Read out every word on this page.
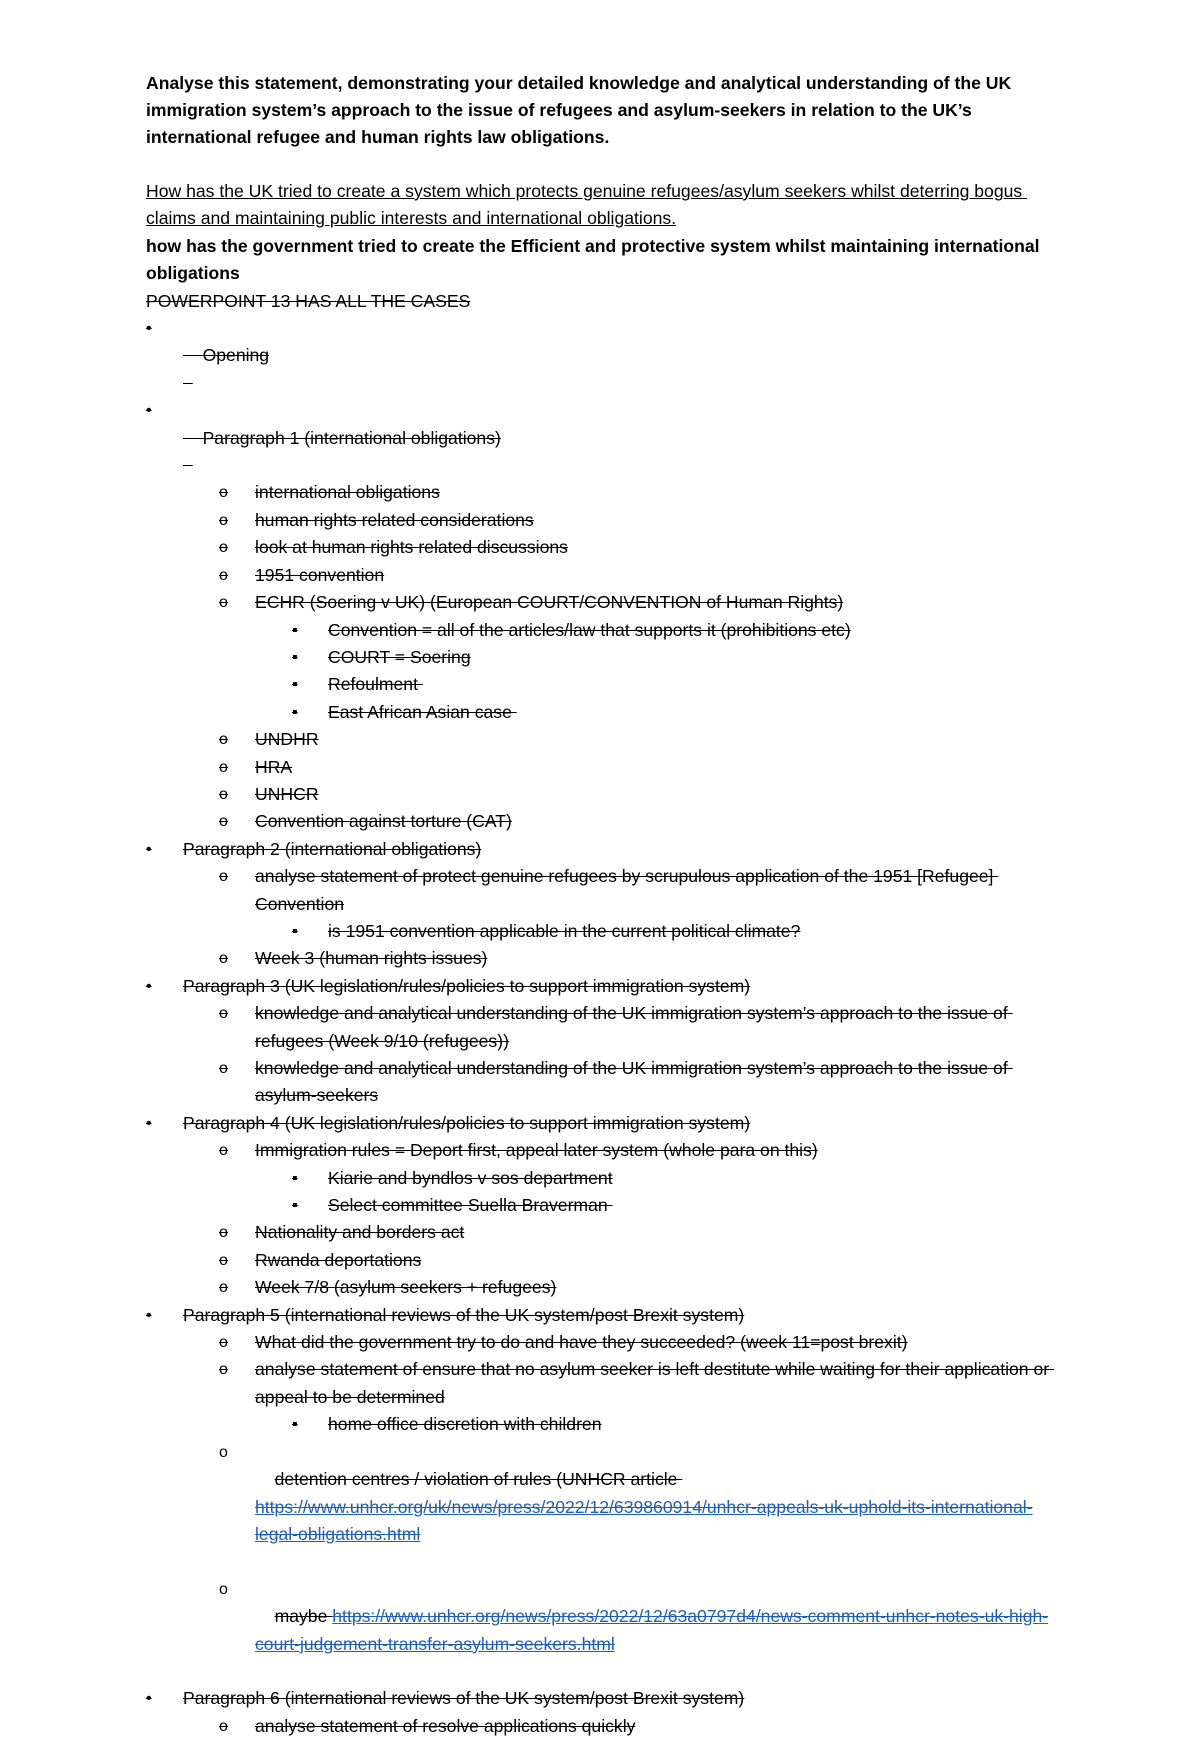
Analyse this statement, demonstrating your detailed knowledge and analytical understanding of the UK immigration system’s approach to the issue of refugees and asylum-seekers in relation to the UK’s international refugee and human rights law obligations.
How has the UK tried to create a system which protects genuine refugees/asylum seekers whilst deterring bogus claims and maintaining public interests and international obligations.
how has the government tried to create the Efficient and protective system whilst maintaining international obligations
POWERPOINT 13 HAS ALL THE CASES

•
Opening

•
Paragraph 1 (international obligations)

o	international obligations
o	human rights related considerations
o	look at human rights related discussions
o	1951 convention
o	ECHR (Soering v UK) (European COURT/CONVENTION of Human Rights)
▪	Convention = all of the articles/law that supports it (prohibitions etc)
▪	COURT = Soering
▪	Refoulment
▪	East African Asian case
o	UNDHR
o	HRA
o	UNHCR
o	Convention against torture (CAT)
•	Paragraph 2 (international obligations)
o	analyse statement of protect genuine refugees by scrupulous application of the 1951 [Refugee] Convention
▪	is 1951 convention applicable in the current political climate?
o	Week 3 (human rights issues)
•	Paragraph 3 (UK legislation/rules/policies to support immigration system)
o	knowledge and analytical understanding of the UK immigration system’s approach to the issue of refugees (Week 9/10 (refugees))
o	knowledge and analytical understanding of the UK immigration system’s approach to the issue of asylum-seekers
•	Paragraph 4 (UK legislation/rules/policies to support immigration system)
o	Immigration rules = Deport first, appeal later system (whole para on this)
▪	Kiarie and byndlos v sos department
▪	Select committee Suella Braverman
o	Nationality and borders act
o	Rwanda deportations
o	Week 7/8 (asylum seekers + refugees)
•	Paragraph 5 (international reviews of the UK system/post Brexit system)
o	What did the government try to do and have they succeeded? (week 11=post brexit)
o	analyse statement of ensure that no asylum seeker is left destitute while waiting for their application or appeal to be determined
▪	home office discretion with children

o
detention centres / violation of rules (UNHCR article https://www.unhcr.org/uk/news/press/2022/12/639860914/unhcr-appeals-uk-uphold-its-international-legal-obligations.html

o
maybe https://www.unhcr.org/news/press/2022/12/63a0797d4/news-comment-unhcr-notes-uk-high-court-judgement-transfer-asylum-seekers.html

•	Paragraph 6 (international reviews of the UK system/post Brexit system)
o	analyse statement of resolve applications quickly
